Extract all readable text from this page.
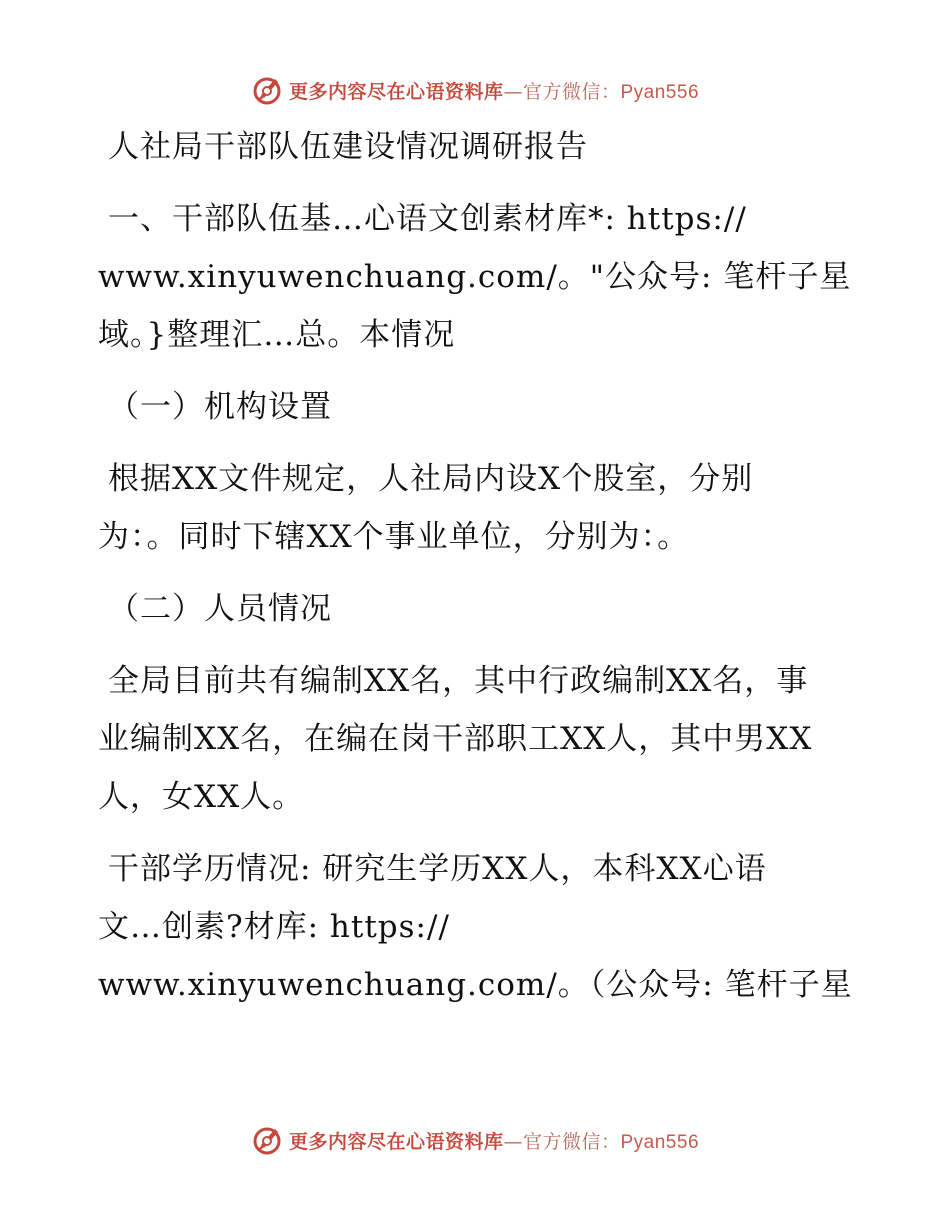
更多内容尽在心语资料库—官方微信：Pyan556
人社局干部队伍建设情况调研报告
一、干部队伍基…心语文创素材库*: https://
www.xinyuwenchuang.com/。"公众号: 笔杆子星
域。}整理汇…总。本情况
（一）机构设置
根据XX文件规定，人社局内设X个股室，分别
为：。同时下辖XX个事业单位，分别为：。
（二）人员情况
全局目前共有编制XX名，其中行政编制XX名，事
业编制XX名，在编在岗干部职工XX人，其中男XX
人，女XX人。
干部学历情况: 研究生学历XX人，本科XX心语
文…创素?材库: https://
www.xinyuwenchuang.com/。（公众号: 笔杆子星
更多内容尽在心语资料库—官方微信：Pyan556
